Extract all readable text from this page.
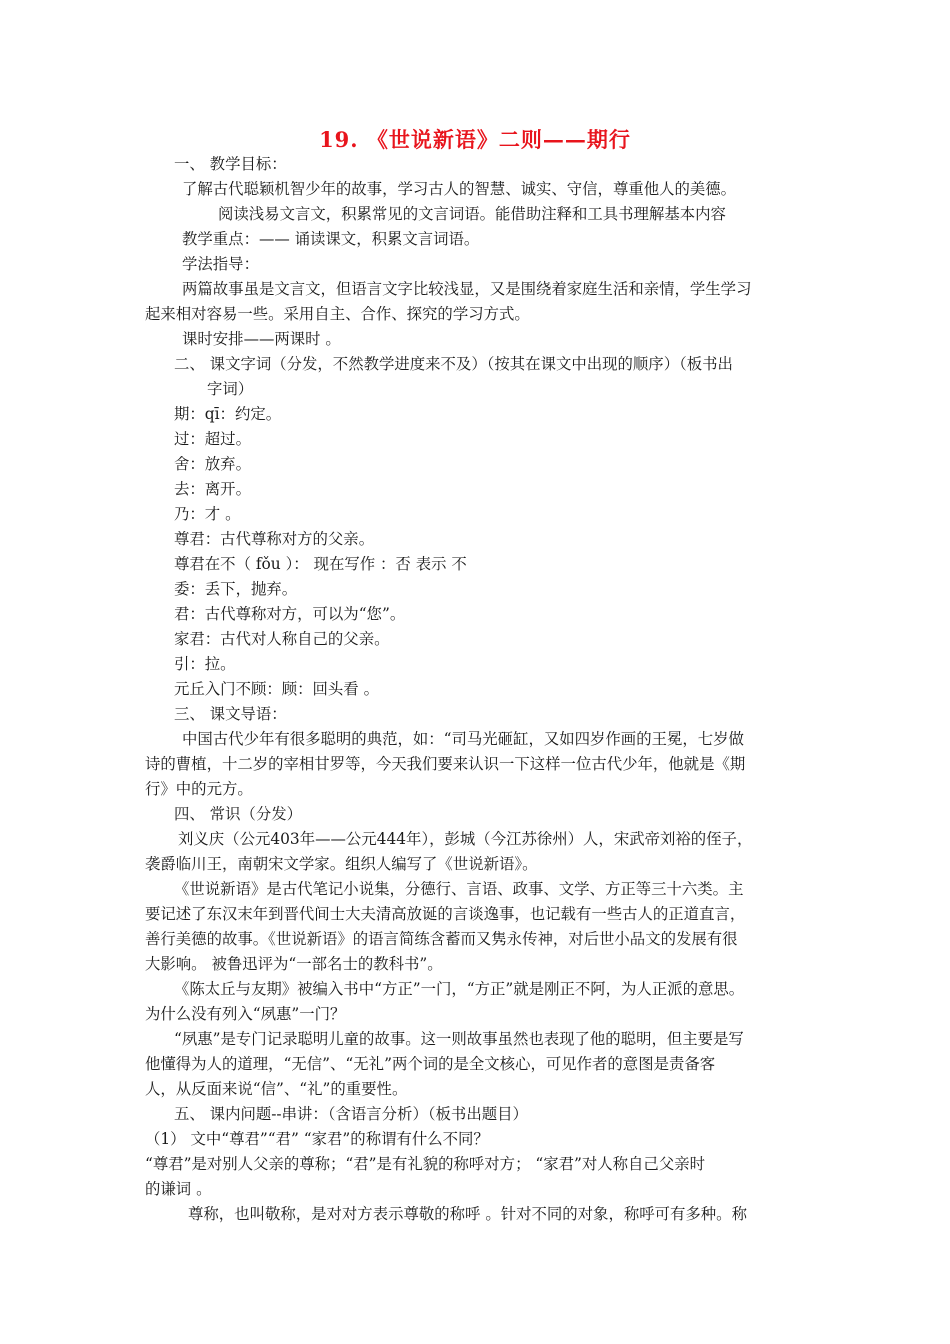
19. 《世说新语》二则——期行
一、 教学目标：
了解古代聪颖机智少年的故事，学习古人的智慧、诚实、守信，尊重他人的美德。
阅读浅易文言文，积累常见的文言词语。能借助注释和工具书理解基本内容
教学重点：—— 诵读课文，积累文言词语。
学法指导：
两篇故事虽是文言文，但语言文字比较浅显，又是围绕着家庭生活和亲情，学生学习
起来相对容易一些。采用自主、合作、探究的学习方式。
课时安排——两课时 。
二、 课文字词（分发，不然教学进度来不及）（按其在课文中出现的顺序）（板书出
字词）
期：qī：约定。
过：超过。
舍：放弃。
去：离开。
乃：才 。
尊君：古代尊称对方的父亲。
尊君在不（ fǒu ）： 现在写作 ：否 表示 不
委：丢下，抛弃。
君：古代尊称对方，可以为“您”。
家君：古代对人称自己的父亲。
引：拉。
元丘入门不顾：顾：回头看 。
三、 课文导语：
中国古代少年有很多聪明的典范，如：“司马光砸缸，又如四岁作画的王冕，七岁做
诗的曹植，十二岁的宰相甘罗等，今天我们要来认识一下这样一位古代少年，他就是《期
行》中的元方。
四、 常识（分发）
刘义庆（公元403年——公元444年），彭城（今江苏徐州）人，宋武帝刘裕的侄子，
袭爵临川王，南朝宋文学家。组织人编写了《世说新语》。
《世说新语》是古代笔记小说集，分德行、言语、政事、文学、方正等三十六类。主
要记述了东汉末年到晋代间士大夫清高放诞的言谈逸事，也记载有一些古人的正道直言，
善行美德的故事。《世说新语》的语言简练含蓄而又隽永传神，对后世小品文的发展有很
大影响。 被鲁迅评为“一部名士的教科书”。
《陈太丘与友期》被编入书中“方正”一门，“方正”就是刚正不阿，为人正派的意思。
为什么没有列入“夙惠”一门？
“夙惠”是专门记录聪明儿童的故事。这一则故事虽然也表现了他的聪明，但主要是写
他懂得为人的道理，“无信”、“无礼”两个词的是全文核心，可见作者的意图是责备客
人，从反面来说“信”、“礼”的重要性。
五、 课内问题--串讲：（含语言分析）（板书出题目）
（1） 文中“尊君”“君” “家君”的称谓有什么不同？
“尊君”是对别人父亲的尊称；“君”是有礼貌的称呼对方； “家君”对人称自己父亲时
的谦词 。
尊称，也叫敬称，是对对方表示尊敬的称呼 。针对不同的对象，称呼可有多种。称
